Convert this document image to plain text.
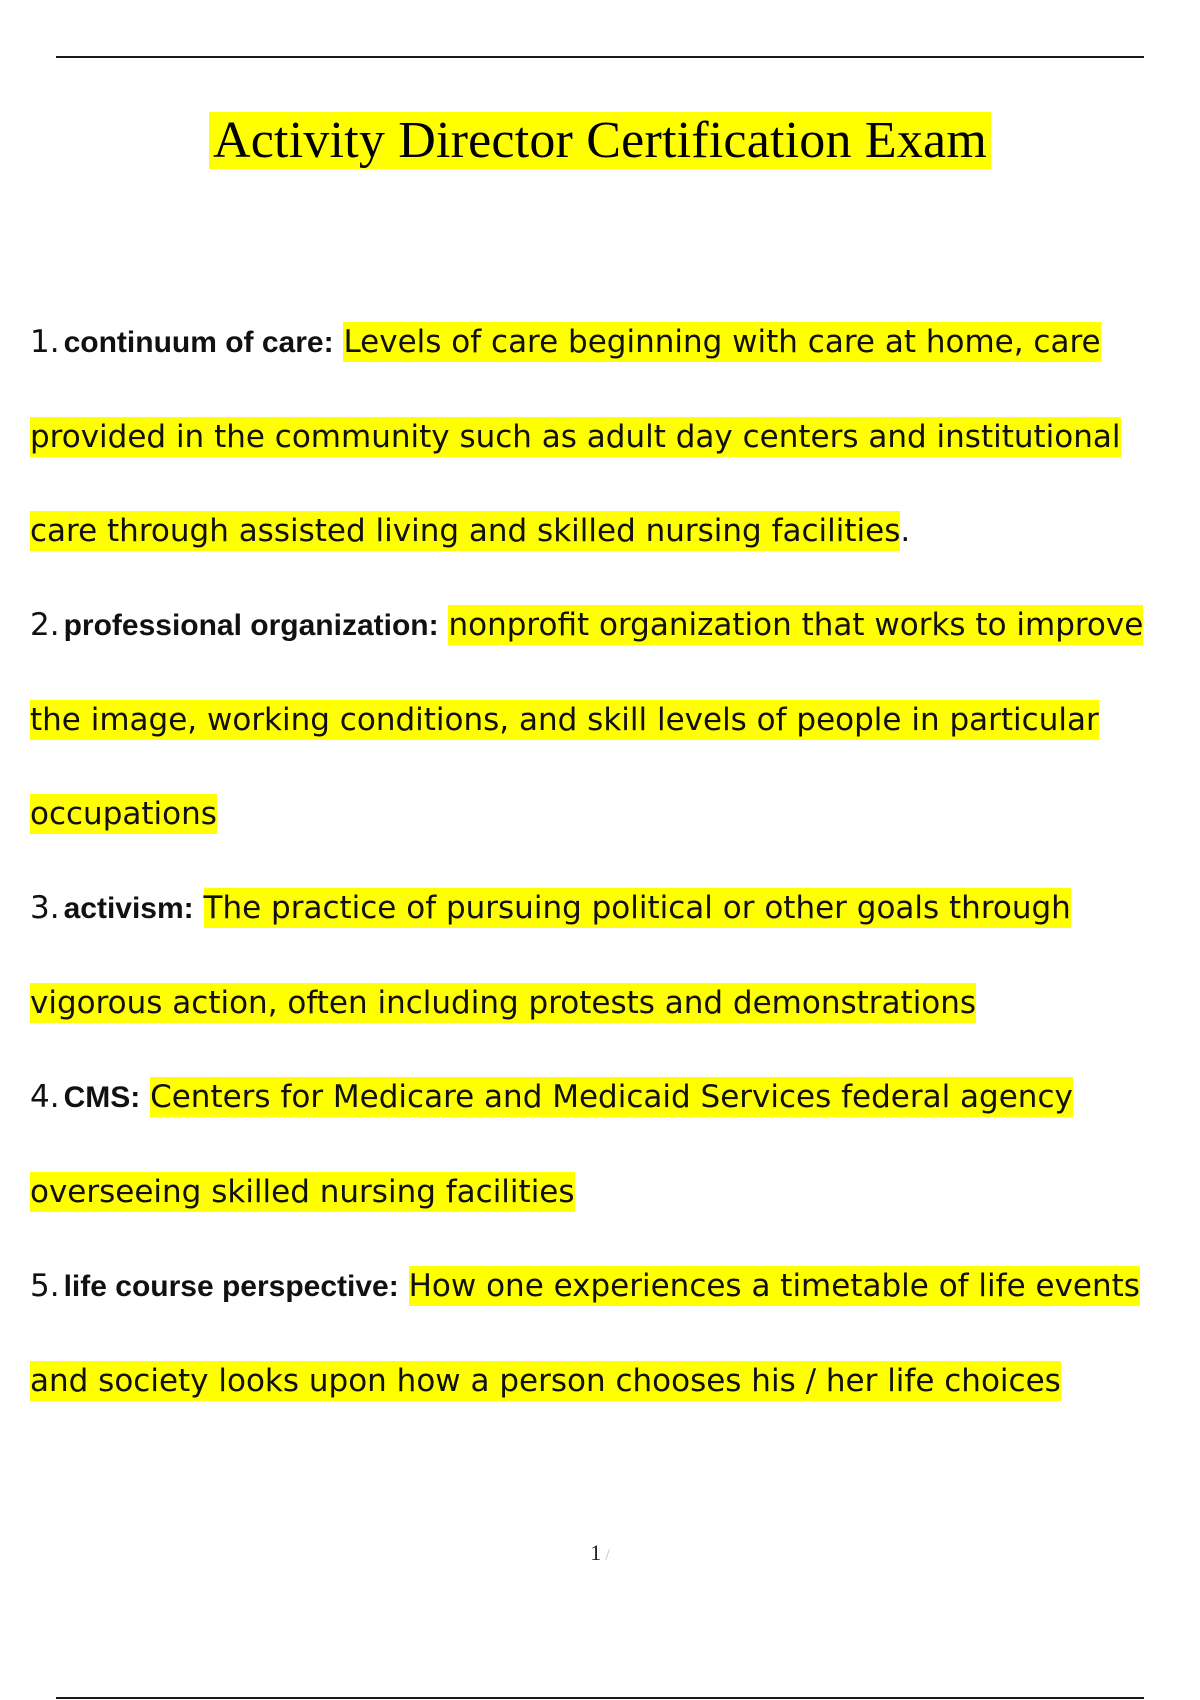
Activity Director Certification Exam
1. continuum of care: Levels of care beginning with care at home, care provided in the community such as adult day centers and institutional care through assisted living and skilled nursing facilities.
2. professional organization: nonprofit organization that works to improve the image, working conditions, and skill levels of people in particular occupations
3. activism: The practice of pursuing political or other goals through vigorous action, often including protests and demonstrations
4. CMS: Centers for Medicare and Medicaid Services federal agency overseeing skilled nursing facilities
5. life course perspective: How one experiences a timetable of life events and society looks upon how a person chooses his / her life choices
1 /
